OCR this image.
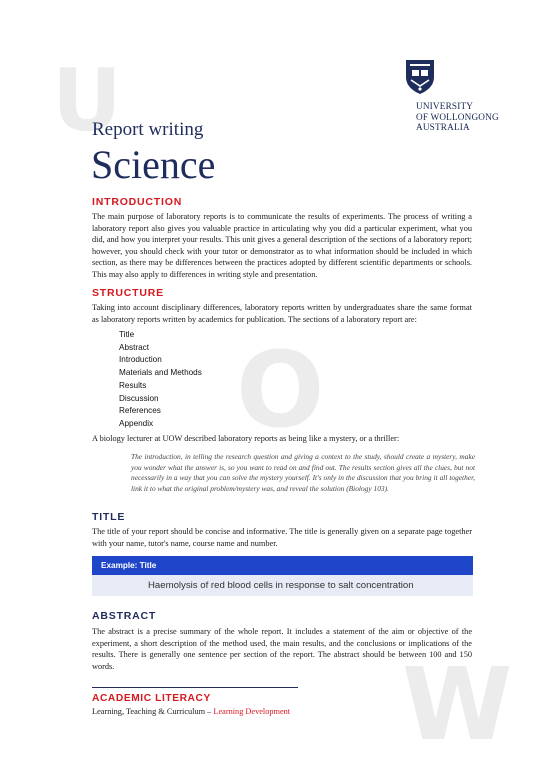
U
O
W
UNIVERSITY
OF WOLLONGONG
AUSTRALIA
Report writing
Science
INTRODUCTION
The main purpose of laboratory reports is to communicate the results of experiments. The process of writing a laboratory report also gives you valuable practice in articulating why you did a particular experiment, what you did, and how you interpret your results. This unit gives a general description of the sections of a laboratory report; however, you should check with your tutor or demonstrator as to what information should be included in which section, as there may be differences between the practices adopted by different scientific departments or schools. This may also apply to differences in writing style and presentation.
STRUCTURE
Taking into account disciplinary differences, laboratory reports written by undergraduates share the same format as laboratory reports written by academics for publication. The sections of a laboratory report are:
Title
Abstract
Introduction
Materials and Methods
Results
Discussion
References
Appendix
A biology lecturer at UOW described laboratory reports as being like a mystery, or a thriller:
The introduction, in telling the research question and giving a context to the study, should create a mystery, make you wonder what the answer is, so you want to read on and find out. The results section gives all the clues, but not necessarily in a way that you can solve the mystery yourself. It's only in the discussion that you bring it all together, link it to what the original problem/mystery was, and reveal the solution (Biology 103).
TITLE
The title of your report should be concise and informative. The title is generally given on a separate page together with your name, tutor's name, course name and number.
Example: Title
Haemolysis of red blood cells in response to salt concentration
ABSTRACT
The abstract is a precise summary of the whole report. It includes a statement of the aim or objective of the experiment, a short description of the method used, the main results, and the conclusions or implications of the results. There is generally one sentence per section of the report. The abstract should be between 100 and 150 words.
ACADEMIC LITERACY
Learning, Teaching & Curriculum – Learning Development
